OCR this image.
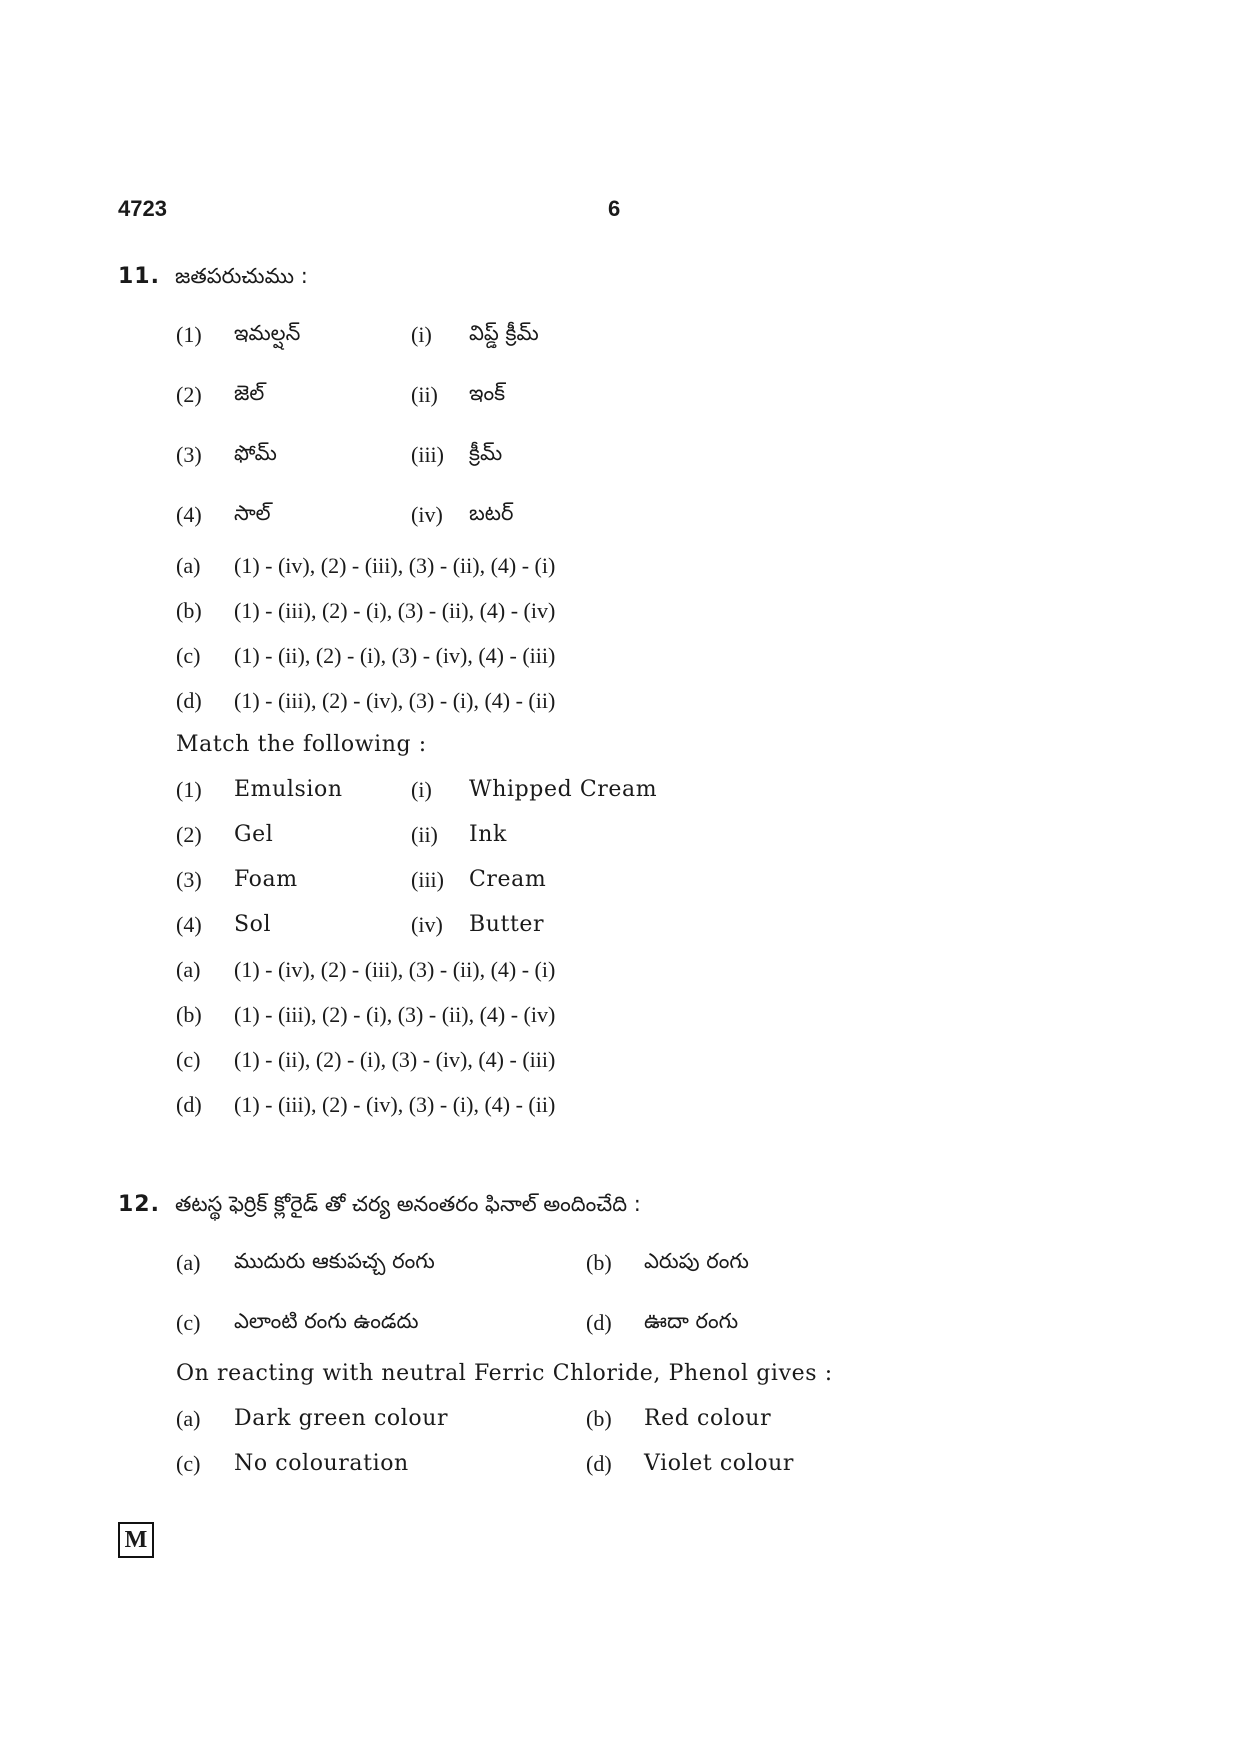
4723	6
11. జతపరుచుము :
(1) ఇమల్షన్	(i) విప్డ్ క్రీమ్
(2) జెల్	(ii) ఇంక్
(3) ఫోమ్	(iii) క్రీమ్
(4) సాల్	(iv) బటర్
(a) (1) - (iv), (2) - (iii), (3) - (ii), (4) - (i)
(b) (1) - (iii), (2) - (i), (3) - (ii), (4) - (iv)
(c) (1) - (ii), (2) - (i), (3) - (iv), (4) - (iii)
(d) (1) - (iii), (2) - (iv), (3) - (i), (4) - (ii)
Match the following :
(1) Emulsion	(i) Whipped Cream
(2) Gel	(ii) Ink
(3) Foam	(iii) Cream
(4) Sol	(iv) Butter
(a) (1) - (iv), (2) - (iii), (3) - (ii), (4) - (i)
(b) (1) - (iii), (2) - (i), (3) - (ii), (4) - (iv)
(c) (1) - (ii), (2) - (i), (3) - (iv), (4) - (iii)
(d) (1) - (iii), (2) - (iv), (3) - (i), (4) - (ii)
12. తటస్థ ఫెర్రిక్ క్లోరైడ్ తో చర్య అనంతరం ఫినాల్ అందించేది :
(a) ముదురు ఆకుపచ్చ రంగు	(b) ఎరుపు రంగు
(c) ఎలాంటి రంగు ఉండదు	(d) ఊదా రంగు
On reacting with neutral Ferric Chloride, Phenol gives :
(a) Dark green colour	(b) Red colour
(c) No colouration	(d) Violet colour
M
